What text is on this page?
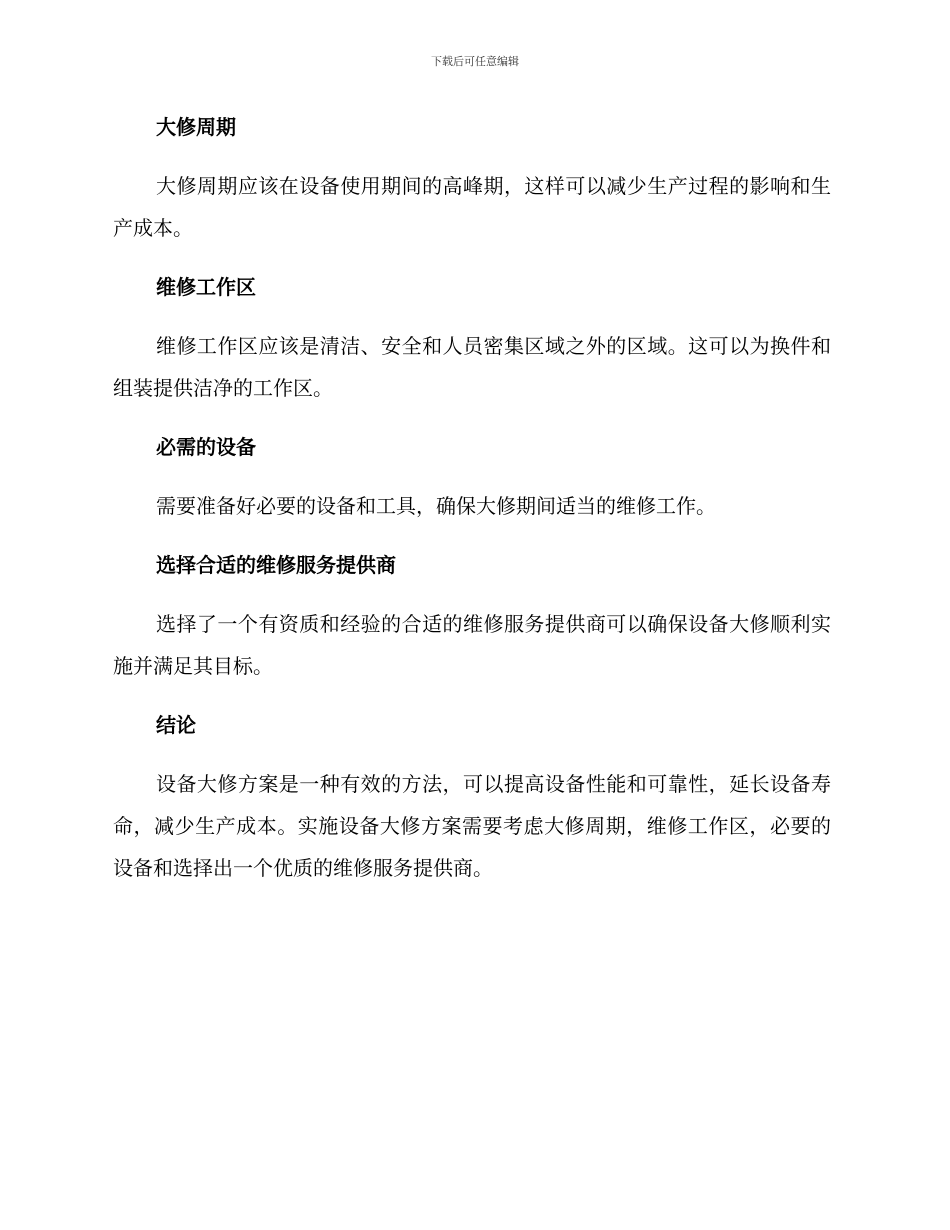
下载后可任意编辑
大修周期

大修周期应该在设备使用期间的高峰期，这样可以减少生产过程的影响和生产成本。

维修工作区

维修工作区应该是清洁、安全和人员密集区域之外的区域。这可以为换件和组装提供洁净的工作区。

必需的设备

需要准备好必要的设备和工具，确保大修期间适当的维修工作。

选择合适的维修服务提供商

选择了一个有资质和经验的合适的维修服务提供商可以确保设备大修顺利实施并满足其目标。

结论

设备大修方案是一种有效的方法，可以提高设备性能和可靠性，延长设备寿命，减少生产成本。实施设备大修方案需要考虑大修周期，维修工作区，必要的设备和选择出一个优质的维修服务提供商。
